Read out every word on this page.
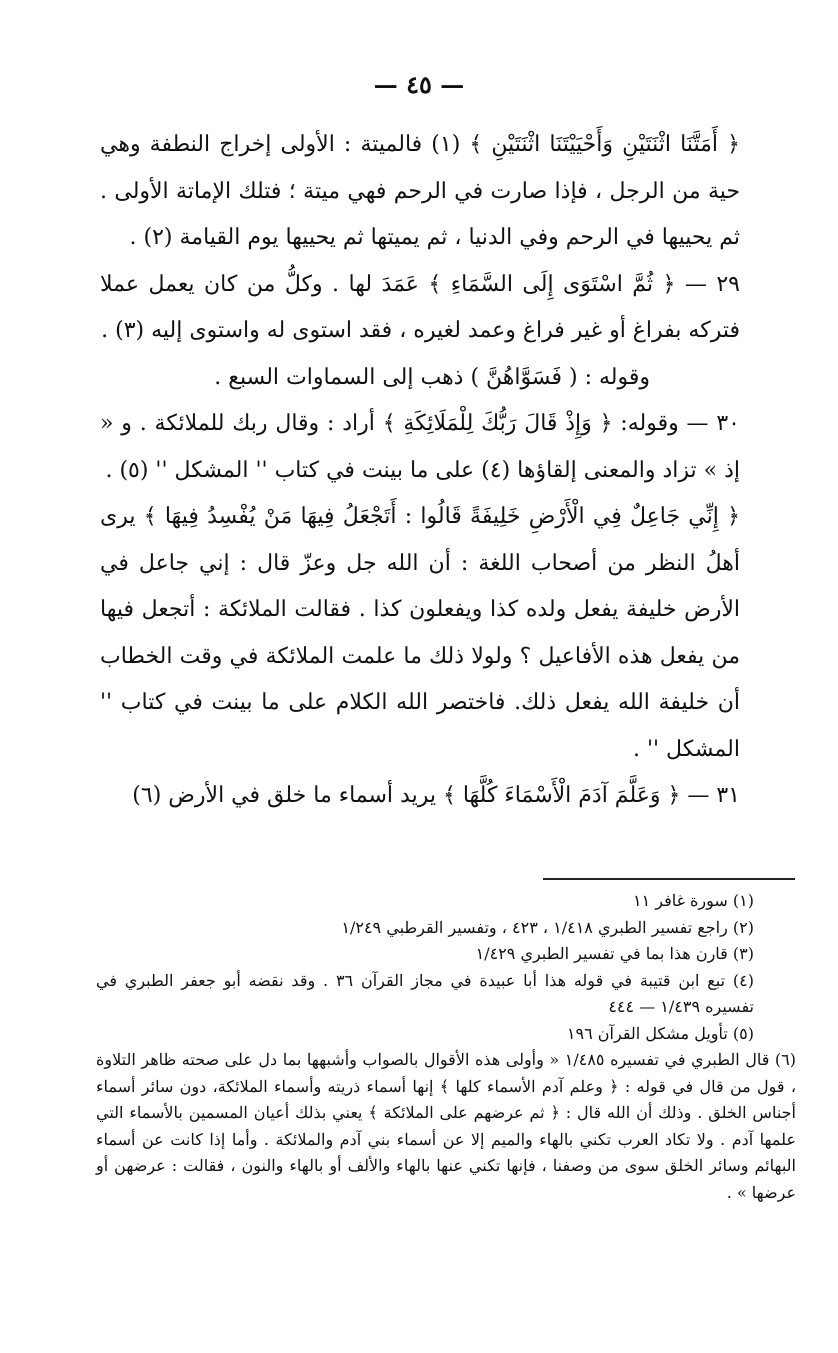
— ٤٥ —

﴿ أَمَتَّنَا اثْنَتَيْنِ وَأَحْيَيْتَنَا اثْنَتَيْنِ ﴾ (١) فالميتة : الأولى إخراج النطفة وهي حية من الرجل ، فإذا صارت في الرحم فهي ميتة ؛ فتلك الإماتة الأولى . ثم يحييها في الرحم وفي الدنيا ، ثم يميتها ثم يحييها يوم القيامة (٢) .

٢٩ — ﴿ ثُمَّ اسْتَوَى إِلَى السَّمَاءِ ﴾ عَمَدَ لها . وكلُّ من كان يعمل عملا فتركه بفراغ أو غير فراغ وعمد لغيره ، فقد استوى له واستوى إليه (٣) .

وقوله : ( فَسَوَّاهُنَّ ) ذهب إلى السماوات السبع .

٣٠ — وقوله: ﴿ وَإِذْ قَالَ رَبُّكَ لِلْمَلَائِكَةِ ﴾ أراد : وقال ربك للملائكة . و « إذ » تزاد والمعنى إلقاؤها (٤) على ما بينت في كتاب '' المشكل '' (٥) .

﴿ إِنِّي جَاعِلٌ فِي الْأَرْضِ خَلِيفَةً قَالُوا : أَتَجْعَلُ فِيهَا مَنْ يُفْسِدُ فِيهَا ﴾ يرى أهلُ النظر من أصحاب اللغة : أن الله جل وعزّ قال : إني جاعل في الأرض خليفة يفعل ولده كذا ويفعلون كذا . فقالت الملائكة : أتجعل فيها من يفعل هذه الأفاعيل ؟ ولولا ذلك ما علمت الملائكة في وقت الخطاب أن خليفة الله يفعل ذلك. فاختصر الله الكلام على ما بينت في كتاب '' المشكل '' .

٣١ — ﴿ وَعَلَّمَ آدَمَ الْأَسْمَاءَ كُلَّهَا ﴾ يريد أسماء ما خلق في الأرض (٦)

(١) سورة غافر ١١

(٢) راجع تفسير الطبري ١/٤١٨ ، ٤٢٣ ، وتفسير القرطبي ١/٢٤٩

(٣) قارن هذا بما في تفسير الطبري ١/٤٢٩

(٤) تبع ابن قتيبة في قوله هذا أبا عبيدة في مجاز القرآن ٣٦ . وقد نقضه أبو جعفر الطبري في تفسيره ١/٤٣٩ — ٤٤٤

(٥) تأويل مشكل القرآن ١٩٦

(٦) قال الطبري في تفسيره ١/٤٨٥ « وأولى هذه الأقوال بالصواب وأشبهها بما دل على صحته ظاهر التلاوة ، قول من قال في قوله : ﴿ وعلم آدم الأسماء كلها ﴾ إنها أسماء ذريته وأسماء الملائكة، دون سائر أسماء أجناس الخلق . وذلك أن الله قال : ﴿ ثم عرضهم على الملائكة ﴾ يعني بذلك أعيان المسمين بالأسماء التي علمها آدم . ولا تكاد العرب تكني بالهاء والميم إلا عن أسماء بني آدم والملائكة . وأما إذا كانت عن أسماء البهائم وسائر الخلق سوى من وصفنا ، فإنها تكني عنها بالهاء والألف أو بالهاء والنون ، فقالت : عرضهن أو عرضها » .
